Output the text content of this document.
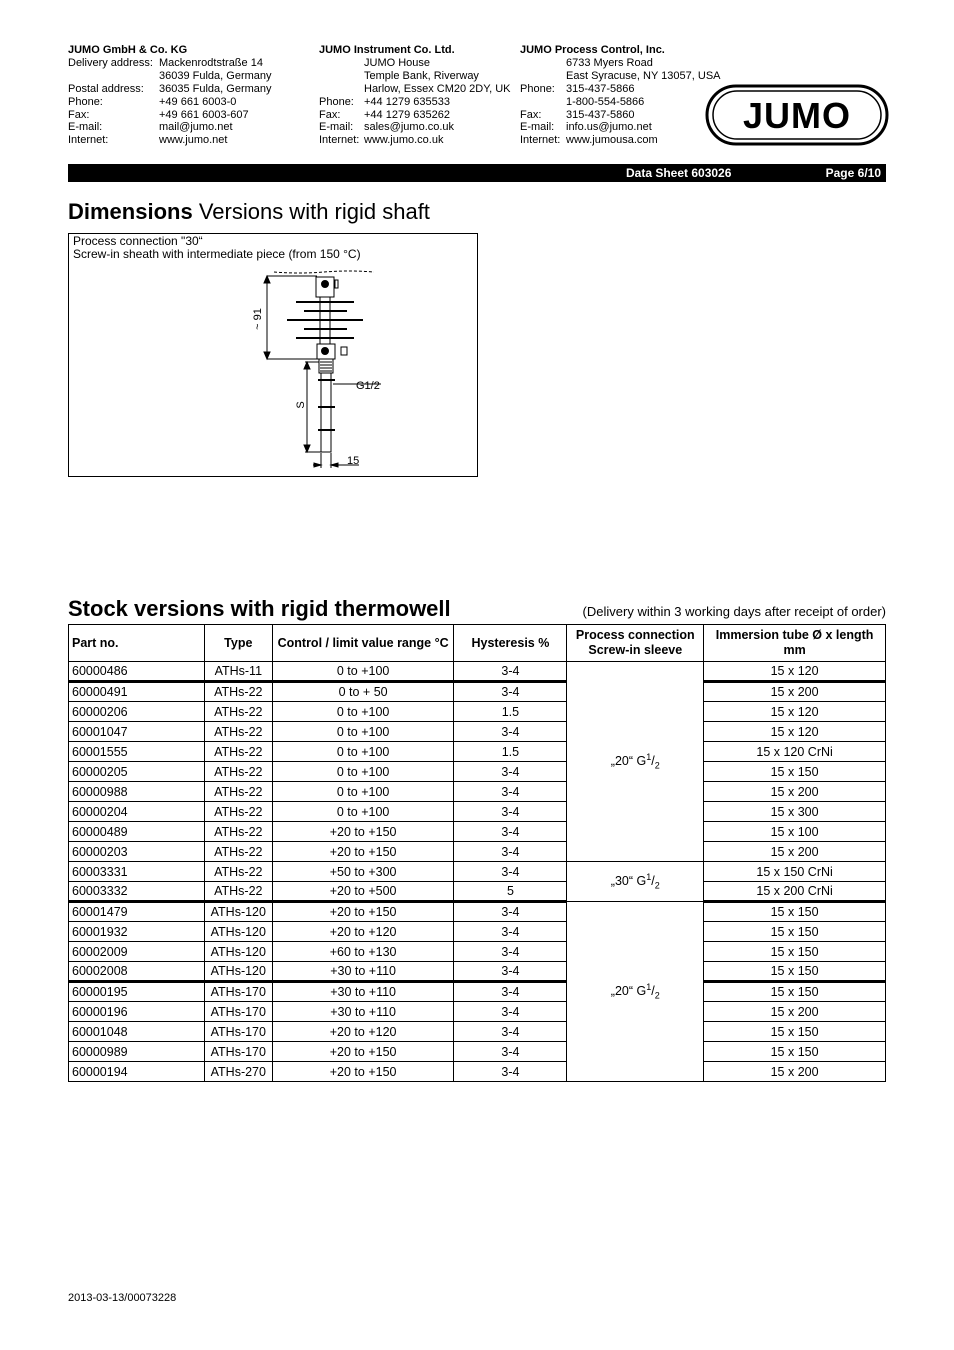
JUMO GmbH & Co. KG
Delivery address: Mackenrodtstraße 14
36039 Fulda, Germany
Postal address:	36035 Fulda, Germany
Phone:	+49 661 6003-0
Fax:	+49 661 6003-607
E-mail:	mail@jumo.net
Internet:	www.jumo.net
JUMO Instrument Co. Ltd.
JUMO House
Temple Bank, Riverway
Harlow, Essex CM20 2DY, UK
Phone: +44 1279 635533
Fax:	+44 1279 635262
E-mail: sales@jumo.co.uk
Internet: www.jumo.co.uk
JUMO Process Control, Inc.
6733 Myers Road
East Syracuse, NY 13057, USA
Phone:	315-437-5866
1-800-554-5866
Fax:	315-437-5860
E-mail:	info.us@jumo.net
Internet: www.jumousa.com
JUMO
Data Sheet 603026	Page 6/10
Dimensions Versions with rigid shaft
~ 91
G1/2
S
15
Process connection "30“
Screw-in sheath with intermediate piece (from 150 °C)
Stock versions with rigid thermowell	(Delivery within 3 working days after receipt of order)
Part no.	Type	Control / limit value range °C	Hysteresis %	Process connection Screw-in sleeve	Immersion tube Ø x length mm
60000486	ATHs-11	0 to +100	3-4	„20“ $G^1/_2$	15 x 120
60000491	ATHs-22	0 to + 50	3-4		15 x 200
60000206	ATHs-22	0 to +100	1.5		15 x 120
60001047	ATHs-22	0 to +100	3-4		15 x 120
60001555	ATHs-22	0 to +100	1.5		15 x 120 CrNi
60000205	ATHs-22	0 to +100	3-4		15 x 150
60000988	ATHs-22	0 to +100	3-4		15 x 200
60000204	ATHs-22	0 to +100	3-4		15 x 300
60000489	ATHs-22	+20 to +150	3-4		15 x 100
60000203	ATHs-22	+20 to +150	3-4		15 x 200
60003331	ATHs-22	+50 to +300	3-4	„30“ $G^1/_2$	15 x 150 CrNi
60003332	ATHs-22	+20 to +500	5		15 x 200 CrNi
60001479	ATHs-120	+20 to +150	3-4	„20“ $G^1/_2$	15 x 150
60001932	ATHs-120	+20 to +120	3-4		15 x 150
60002009	ATHs-120	+60 to +130	3-4		15 x 150
60002008	ATHs-120	+30 to +110	3-4		15 x 150
60000195	ATHs-170	+30 to +110	3-4		15 x 150
60000196	ATHs-170	+30 to +110	3-4		15 x 200
60001048	ATHs-170	+20 to +120	3-4		15 x 150
60000989	ATHs-170	+20 to +150	3-4		15 x 150
60000194	ATHs-270	+20 to +150	3-4		15 x 200
2013-03-13/00073228
